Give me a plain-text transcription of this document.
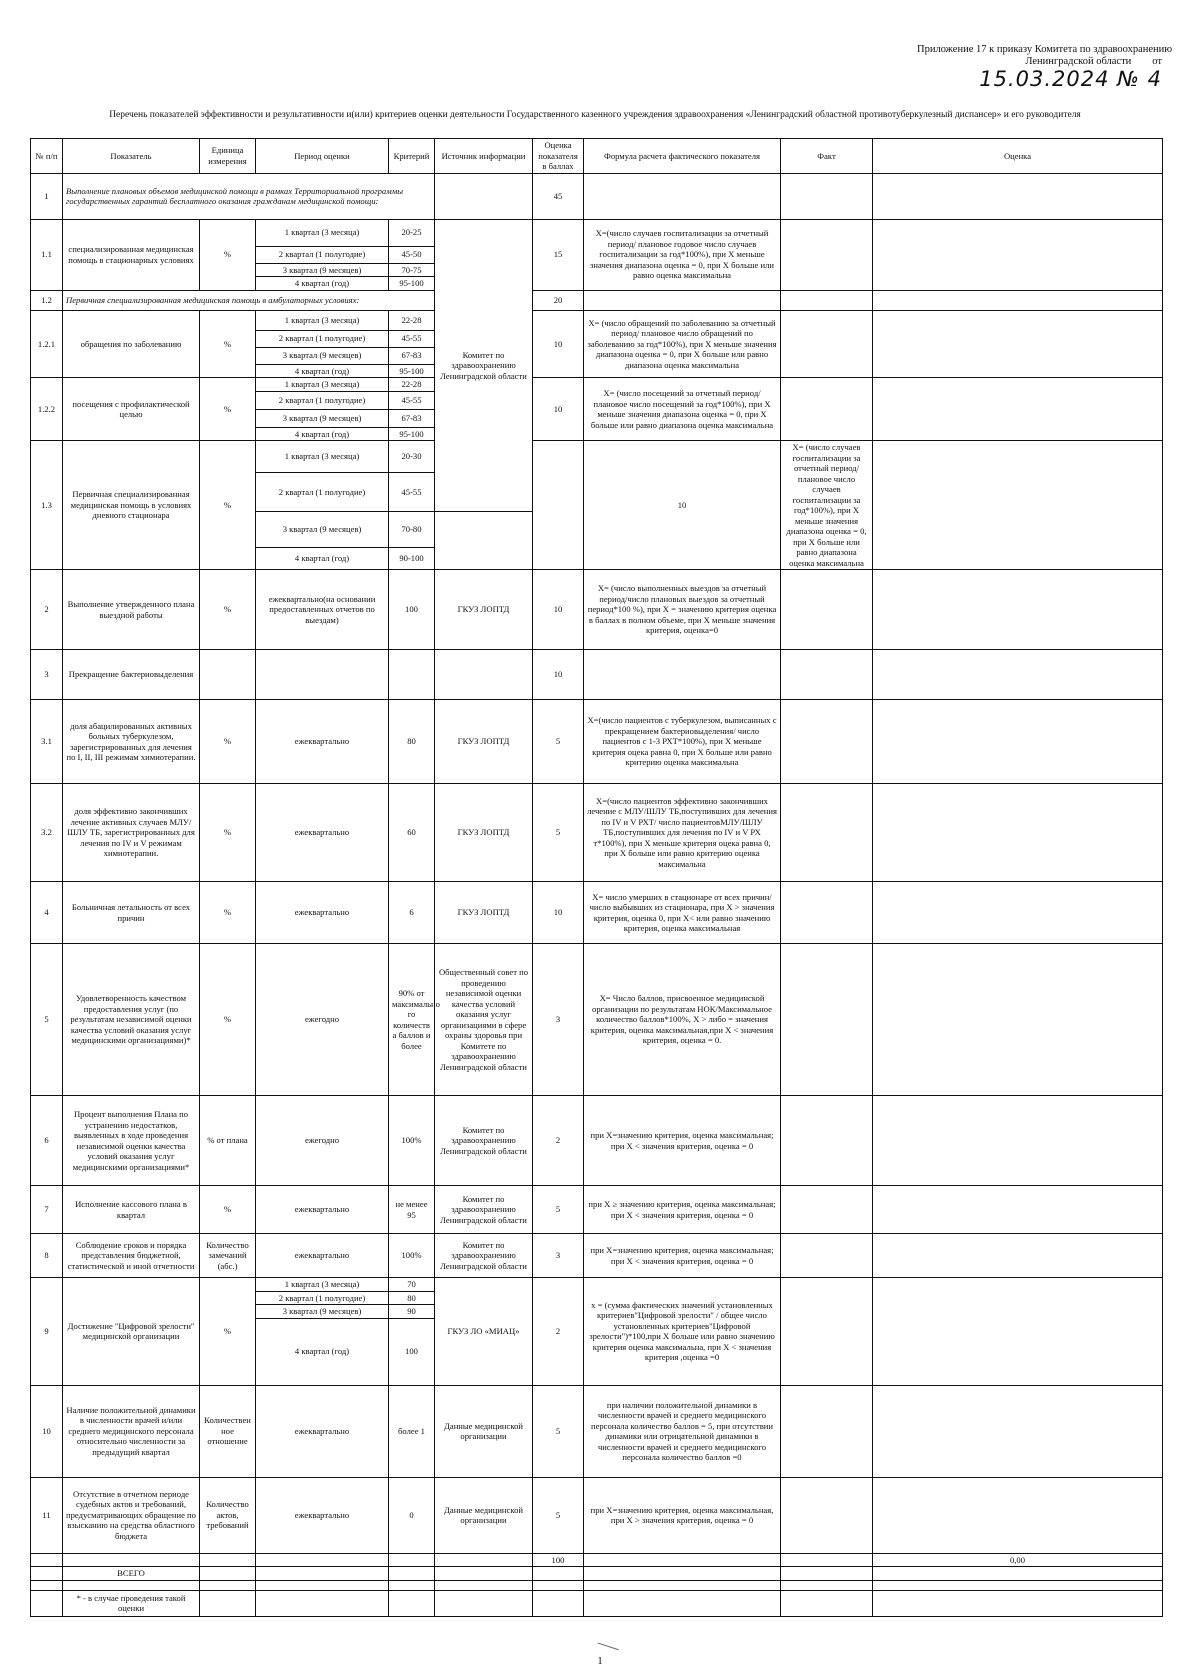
Приложение 17 к приказу Комитета по здравоохранению
Ленинградской области от
15.03.2024 № 4
Перечень показателей эффективности и результативности и(или) критериев оценки деятельности Государственного казенного учреждения здравоохранения «Ленинградский областной противотуберкулезный диспансер» и его руководителя
№ п/п	Показатель	Единица измерения	Период оценки	Критерий	Источник информации	Оценка показателя в баллах	Формула расчета фактического показателя	Факт	Оценка	
1	Выполнение плановых объемов медицинской помощи в рамках Территориальной программы государственных гарантий бесплатного оказания гражданам медицинской помощи:					45				
1.1	специализированная медицинская помощь в стационарных условиях	%	1 квартал (3 месяца)	20-25	Комитет по здравоохранению Ленинградской области	15	X=(число случаев госпитализации за отчетный период/ плановое годовое число случаев госпитализации за год*100%), при X меньше значения диапазона оценка = 0, при X больше или равно оценка максимальна			
			2 квартал (1 полугодие)	45-50						
			3 квартал (9 месяцев)	70-75						
			4 квартал (год)	95-100						
1.2	Первичная специализированная медицинская помощь в амбулаторных условиях:					20				
1.2.1	обращения по заболеванию	%	1 квартал (3 месяца)	22-28		10	X= (число обращений по заболеванию за отчетный период/ плановое число обращений по заболеванию за год*100%), при X меньше значения диапазона оценка = 0, при X больше или равно диапазона оценка максимальна			
			2 квартал (1 полугодие)	45-55						
			3 квартал (9 месяцев)	67-83						
			4 квартал (год)	95-100						
1.2.2	посещения с профилактической целью	%	1 квартал (3 месяца)	22-28		10	X= (число посещений за отчетный период/ плановое число посещений за год*100%), при X меньше значения диапазона оценка = 0, при X больше или равно диапазона оценка максимальна			
			2 квартал (1 полугодие)	45-55						
			3 квартал (9 месяцев)	67-83						
			4 квартал (год)	95-100						
1.3	Первичная специализированная медицинская помощь в условиях дневного стационара	%	1 квартал (3 месяца)	20-30			10	X= (число случаев госпитализации за отчетный период/ плановое число случаев госпитализации за год*100%), при X меньше значения диапазона оценка = 0, при X больше или равно диапазона оценка максимальна		
			2 квартал (1 полугодие)	45-55						
			3 квартал (9 месяцев)	70-80						
			4 квартал (год)	90-100						
2	Выполнение утвержденного плана выездной работы	%	ежеквартально(на основании предоставленных отчетов по выездам)	100	ГКУЗ ЛОПТД	10	X= (число выполненных выездов за отчетный период/число плановых выездов за отчетный период*100 %), при X = значению критерия оценка в баллах в полном объеме, при X меньше значения критерия, оценка=0			
3	Прекращение бактериовыделения					10				
3.1	доля абацилированных активных больных туберкулезом, зарегистрированных для лечения по I, II, III режимам химиотерапии.	%	ежеквартально	80	ГКУЗ ЛОПТД	5	X=(число пациентов с туберкулезом, выписанных с прекращением бактериовыделения/ число пациентов с 1-3 РХТ*100%), при X меньше критерия оцека равна 0, при X больше или равно критерию оценка максимальна			
3.2	доля эффективно закончивших лечение активных случаев МЛУ/ШЛУ ТБ, зарегистрированных для лечения по IV и V режимам химиотерапии.	%	ежеквартально	60	ГКУЗ ЛОПТД	5	X=(число пациентов эффективно закончивших лечение с МЛУ/ШЛУ ТБ,поступивших для лечения по IV и V РХТ/ число пациентовМЛУ/ШЛУ ТБ,поступивших для лечения по IV и V РХ т*100%), при X меньше критерия оцека равна 0, при X больше или равно критерию оценка максимальна			
4	Больничная летальность от всех причин	%	ежеквартально	6	ГКУЗ ЛОПТД	10	X= число умерших в стационаре от всех причин/число выбывших из стационара, при X > значения критерия, оценка 0, при X< или равно значению критерия, оценка максимальная			
5	Удовлетворенность качеством предоставления услуг (по результатам независимой оценки качества условий оказания услуг медицинскими организациями)*	%	ежегодно	90% от максимально го количеств а баллов и более	Общественный совет по проведению независимой оценки качества условий оказания услуг организациями в сфере охраны здоровья при Комитете по здравоохранению Ленинградской области	3	X= Число баллов, присвоенное медицинской организации по результатам НОК/Максимальное количество баллов*100%, X > либо = значения критерия, оценка максимальная,при X < значения критерия, оценка = 0.			
6	Процент выполнения Плана по устранению недостатков, выявленных в ходе проведения независимой оценки качества условий оказания услуг медицинскими организациями*	% от плана	ежегодно	100%	Комитет по здравоохранению Ленинградской области	2	при X=значению критерия, оценка максимальная; при X < значения критерия, оценка = 0			
7	Исполнение кассового плана в квартал	%	ежеквартально	не менее 95	Комитет по здравоохранению Ленинградской области	5	при X ≥ значению критерия, оценка максимальная; при X < значения критерия, оценка = 0			
8	Соблюдение сроков и порядка представления бюджетной, статистической и иной отчетности	Количество замечаний (абс.)	ежеквартально	100%	Комитет по здравоохранению Ленинградской области	3	при X=значению критерия, оценка максимальная; при X < значения критерия, оценка = 0			
9	Достижение "Цифровой зрелости" медицинской организации	%	1 квартал (3 месяца)	70	ГКУЗ ЛО «МИАЦ»	2	x = (сумма фактических значений установленных критериев"Цифровой зрелости" / общее число установленных критериев"Цифровой зрелости")*100,при X больше или равно значению критерия оценка максимальна, при X < значения критерия ,оценка =0			
			2 квартал (1 полугодие)	80						
			3 квартал (9 месяцев)	90						
			4 квартал (год)	100						
10	Наличие положительной динамики в численности врачей и/или среднего медицинского персонала относительно численности за предыдущий квартал	Количествен ное отношение	ежеквартально	более 1	Данные медицинской организации	5	при наличии положительной динамики в численности врачей и среднего медицинского персонала количество баллов = 5, при отсутствии динамики или отрицательной динамики в численности врачей и среднего медицинского персонала количество баллов =0			
11	Отсутствие в отчетном периоде судебных актов и требований, предусматривающих обращение по взысканию на средства областного бюджета	Количество актов, требований	ежеквартально	0	Данные медицинской организации	5	при X=значению критерия, оценка максимальная, при X > значения критерия, оценка = 0			
						100			0,00	
	ВСЕГО									

	* - в случае проведения такой оценки									
1
